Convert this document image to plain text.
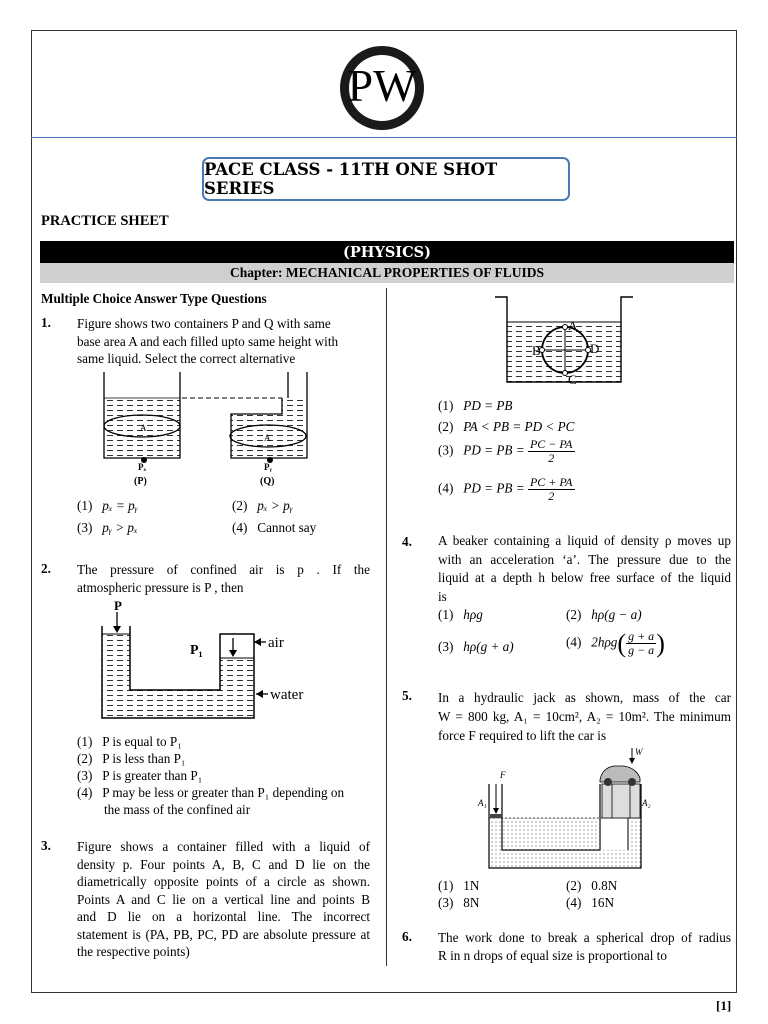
PW
PACE CLASS - 11TH ONE SHOT SERIES
PRACTICE SHEET
(PHYSICS)
Chapter:
MECHANICAL PROPERTIES OF FLUIDS
Multiple Choice Answer Type Questions
1. Figure shows two containers P and Q with same
base area A and each filled upto same height with
same liquid. Select the correct alternative
A
Pₓ
(P)
A
Pᵧ
(Q)
(1) pₓ = pᵧ	(2) pₓ > pᵧ
(3) pᵧ > pₓ	(4) Cannot say
2. The pressure of confined air is p . If the
atmospheric pressure is P , then
P
P₁	air
water
(1) P is equal to P₁
(2) P is less than P₁
(3) P is greater than P₁
(4) P may be less or greater than P₁ depending on
the mass of the confined air
3. Figure shows a container filled with a liquid of
density p. Four points A, B, C and D lie on the
diametrically opposite points of a circle as shown.
Points A and C lie on a vertical line and points B
and D lie on a horizontal line. The incorrect
statement is (PA, PB, PC, PD are absolute pressure at
the respective points)
A
B
C
D
(1) PD = PB
(2) PA < PB = PD < PC
(3) PD = PB = $\frac{PC - PA}{2}$
(4) PD = PB = $\frac{PC + PA}{2}$
4. A beaker containing a liquid of density ρ moves up
with an acceleration ‘a’. The pressure due to the
liquid at a depth h below free surface of the liquid
is
(1) hρg	(2) hρ(g − a)
(3) hρ(g + a)	(4) $2h\rho g( \frac{g + a}{g - a}$ )
5. In a hydraulic jack as shown, mass of the car
W = 800 kg, A₁ = 10cm², A₂ = 10m². The minimum
force F required to lift the car is
F
A₁
W
A₂
(1) 1N	(2) 0.8N
(3) 8N	(4) 16N
6. The work done to break a spherical drop of radius
R in n drops of equal size is proportional to
[1]
